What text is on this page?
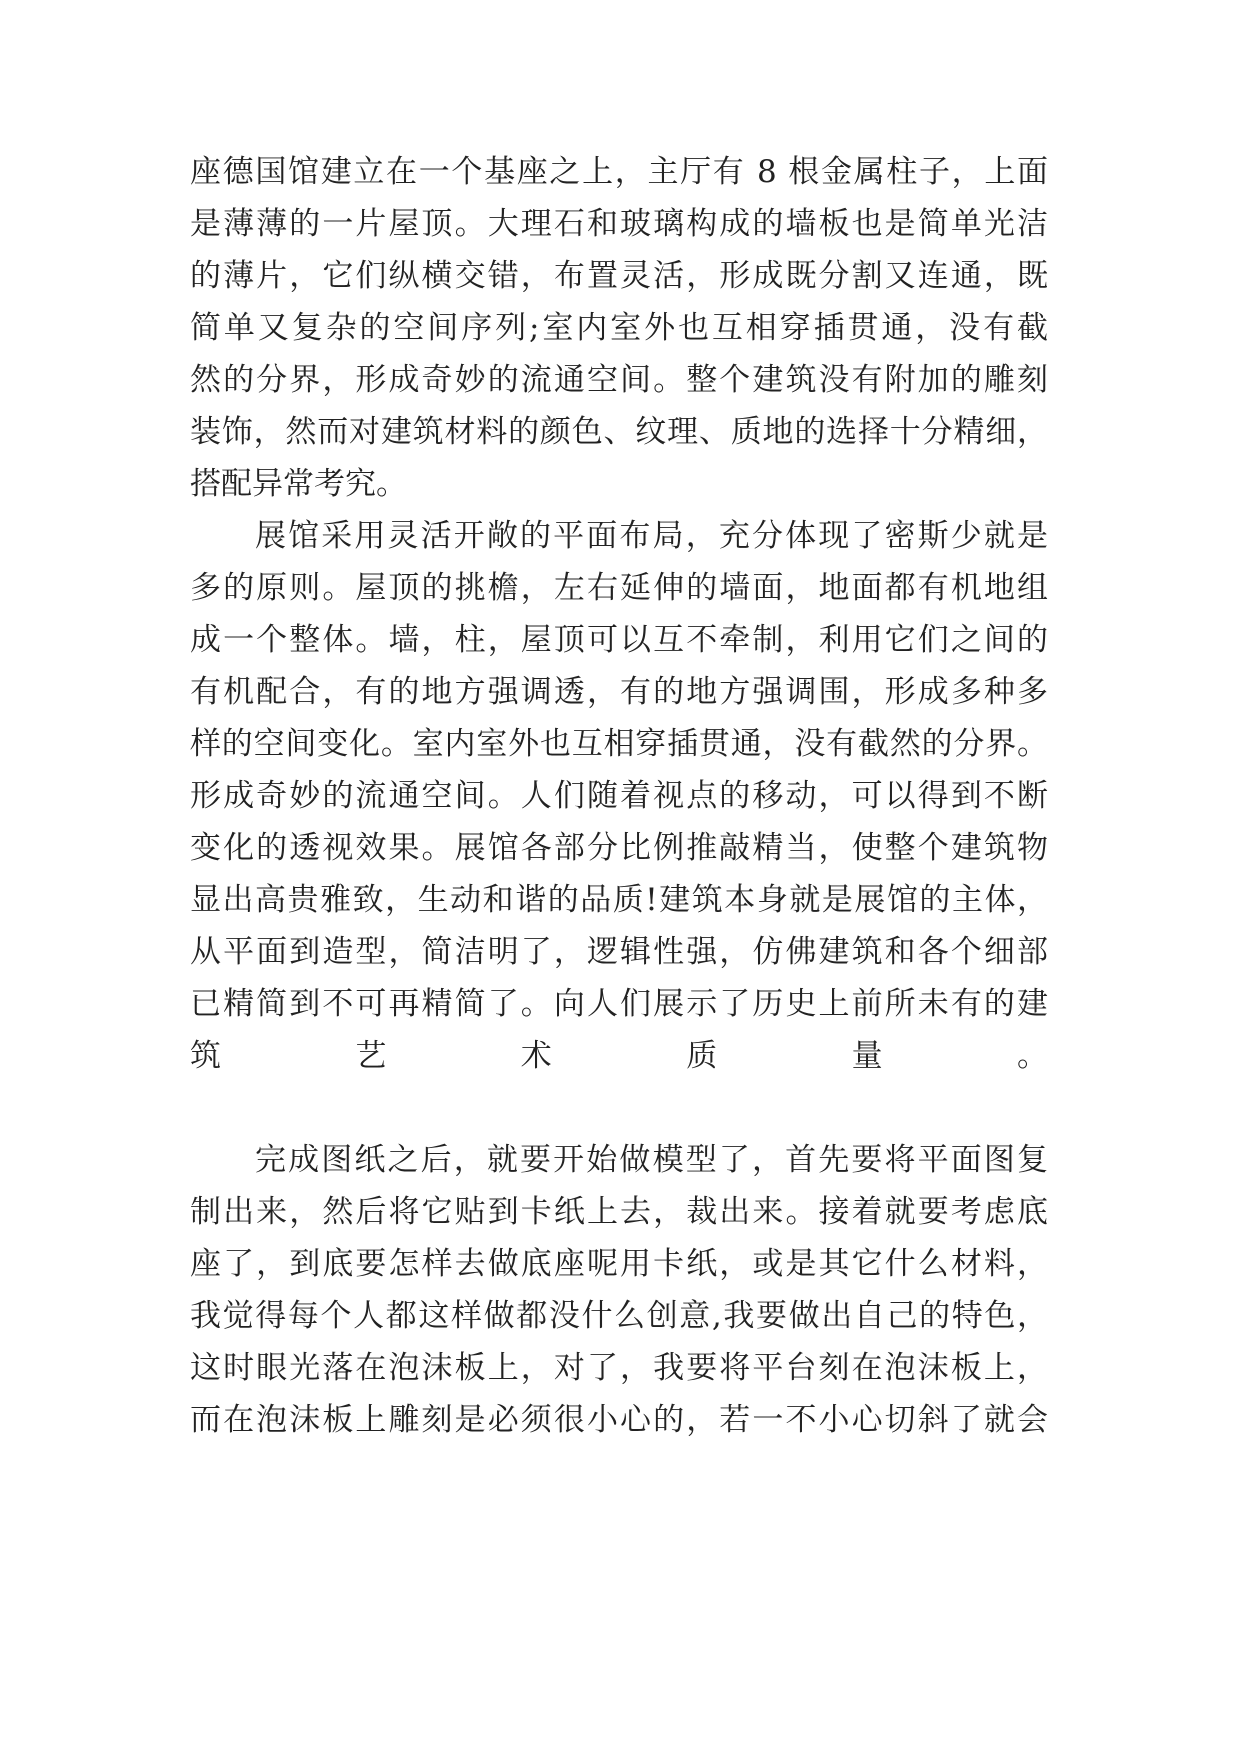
座德国馆建立在一个基座之上，主厅有 8 根金属柱子，上面
是薄薄的一片屋顶。大理石和玻璃构成的墙板也是简单光洁
的薄片，它们纵横交错，布置灵活，形成既分割又连通，既
简单又复杂的空间序列;室内室外也互相穿插贯通，没有截
然的分界，形成奇妙的流通空间。整个建筑没有附加的雕刻
装饰，然而对建筑材料的颜色、纹理、质地的选择十分精细，
搭配异常考究。
展馆采用灵活开敞的平面布局，充分体现了密斯少就是
多的原则。屋顶的挑檐，左右延伸的墙面，地面都有机地组
成一个整体。墙，柱，屋顶可以互不牵制，利用它们之间的
有机配合，有的地方强调透，有的地方强调围，形成多种多
样的空间变化。室内室外也互相穿插贯通，没有截然的分界。
形成奇妙的流通空间。人们随着视点的移动，可以得到不断
变化的透视效果。展馆各部分比例推敲精当，使整个建筑物
显出高贵雅致，生动和谐的品质!建筑本身就是展馆的主体，
从平面到造型，简洁明了，逻辑性强，仿佛建筑和各个细部
已精简到不可再精简了。向人们展示了历史上前所未有的建
筑艺术质量。
完成图纸之后，就要开始做模型了，首先要将平面图复
制出来，然后将它贴到卡纸上去，裁出来。接着就要考虑底
座了，到底要怎样去做底座呢用卡纸，或是其它什么材料，
我觉得每个人都这样做都没什么创意,我要做出自己的特色，
这时眼光落在泡沫板上，对了，我要将平台刻在泡沫板上，
而在泡沫板上雕刻是必须很小心的，若一不小心切斜了就会
